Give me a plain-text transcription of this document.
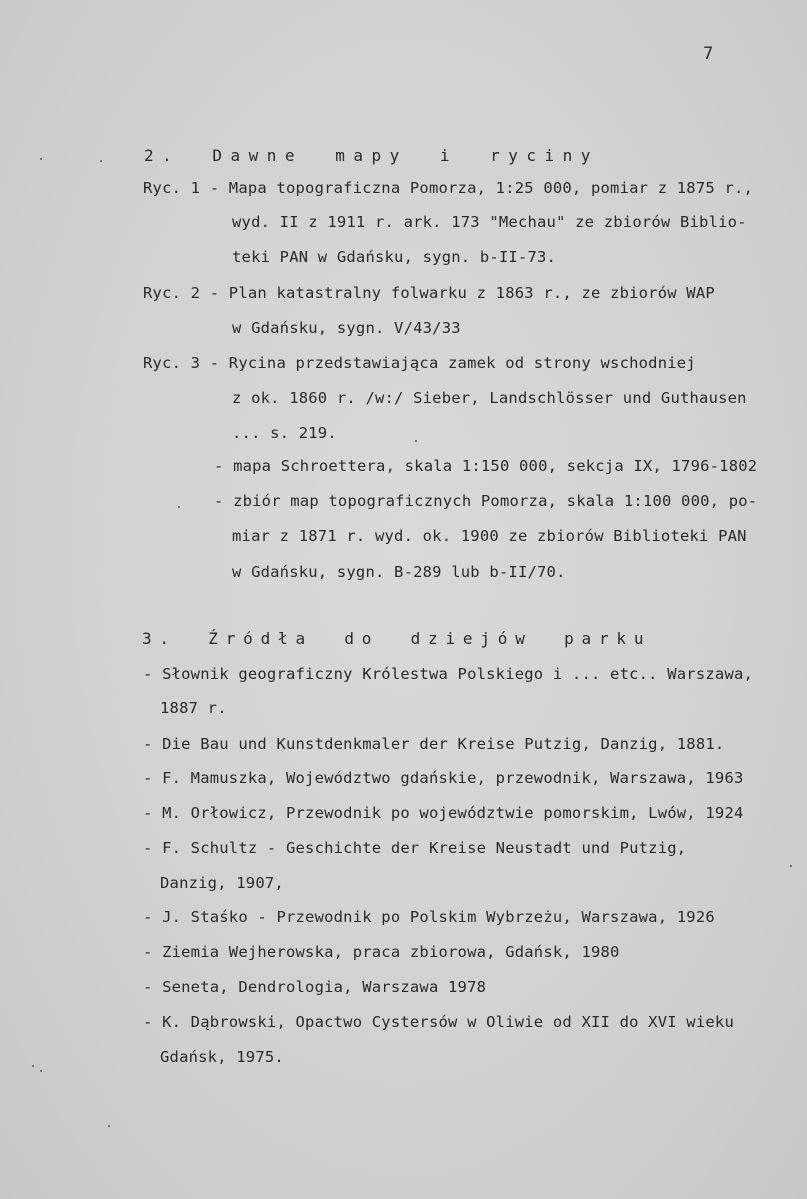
7
2. Dawne mapy i ryciny
Ryc. 1 - Mapa topograficzna Pomorza, 1:25 000, pomiar z 1875 r.,
wyd. II z 1911 r. ark. 173 "Mechau" ze zbiorów Biblio-
teki PAN w Gdańsku, sygn. b-II-73.
Ryc. 2 - Plan katastralny folwarku z 1863 r., ze zbiorów WAP
w Gdańsku, sygn. V/43/33
Ryc. 3 - Rycina przedstawiająca zamek od strony wschodniej
z ok. 1860 r. /w:/ Sieber, Landschlösser und Guthausen
... s. 219.
- mapa Schroettera, skala 1:150 000, sekcja IX, 1796-1802
- zbiór map topograficznych Pomorza, skala 1:100 000, po-
miar z 1871 r. wyd. ok. 1900 ze zbiorów Biblioteki PAN
w Gdańsku, sygn. B-289 lub b-II/70.
3. Źródła do dziejów parku
- Słownik geograficzny Królestwa Polskiego i ... etc.. Warszawa,
1887 r.
- Die Bau und Kunstdenkmaler der Kreise Putzig, Danzig, 1881.
- F. Mamuszka, Województwo gdańskie, przewodnik, Warszawa, 1963
- M. Orłowicz, Przewodnik po województwie pomorskim, Lwów, 1924
- F. Schultz - Geschichte der Kreise Neustadt und Putzig,
Danzig, 1907,
- J. Staśko - Przewodnik po Polskim Wybrzeżu, Warszawa, 1926
- Ziemia Wejherowska, praca zbiorowa, Gdańsk, 1980
- Seneta, Dendrologia, Warszawa 1978
- K. Dąbrowski, Opactwo Cystersów w Oliwie od XII do XVI wieku
Gdańsk, 1975.
